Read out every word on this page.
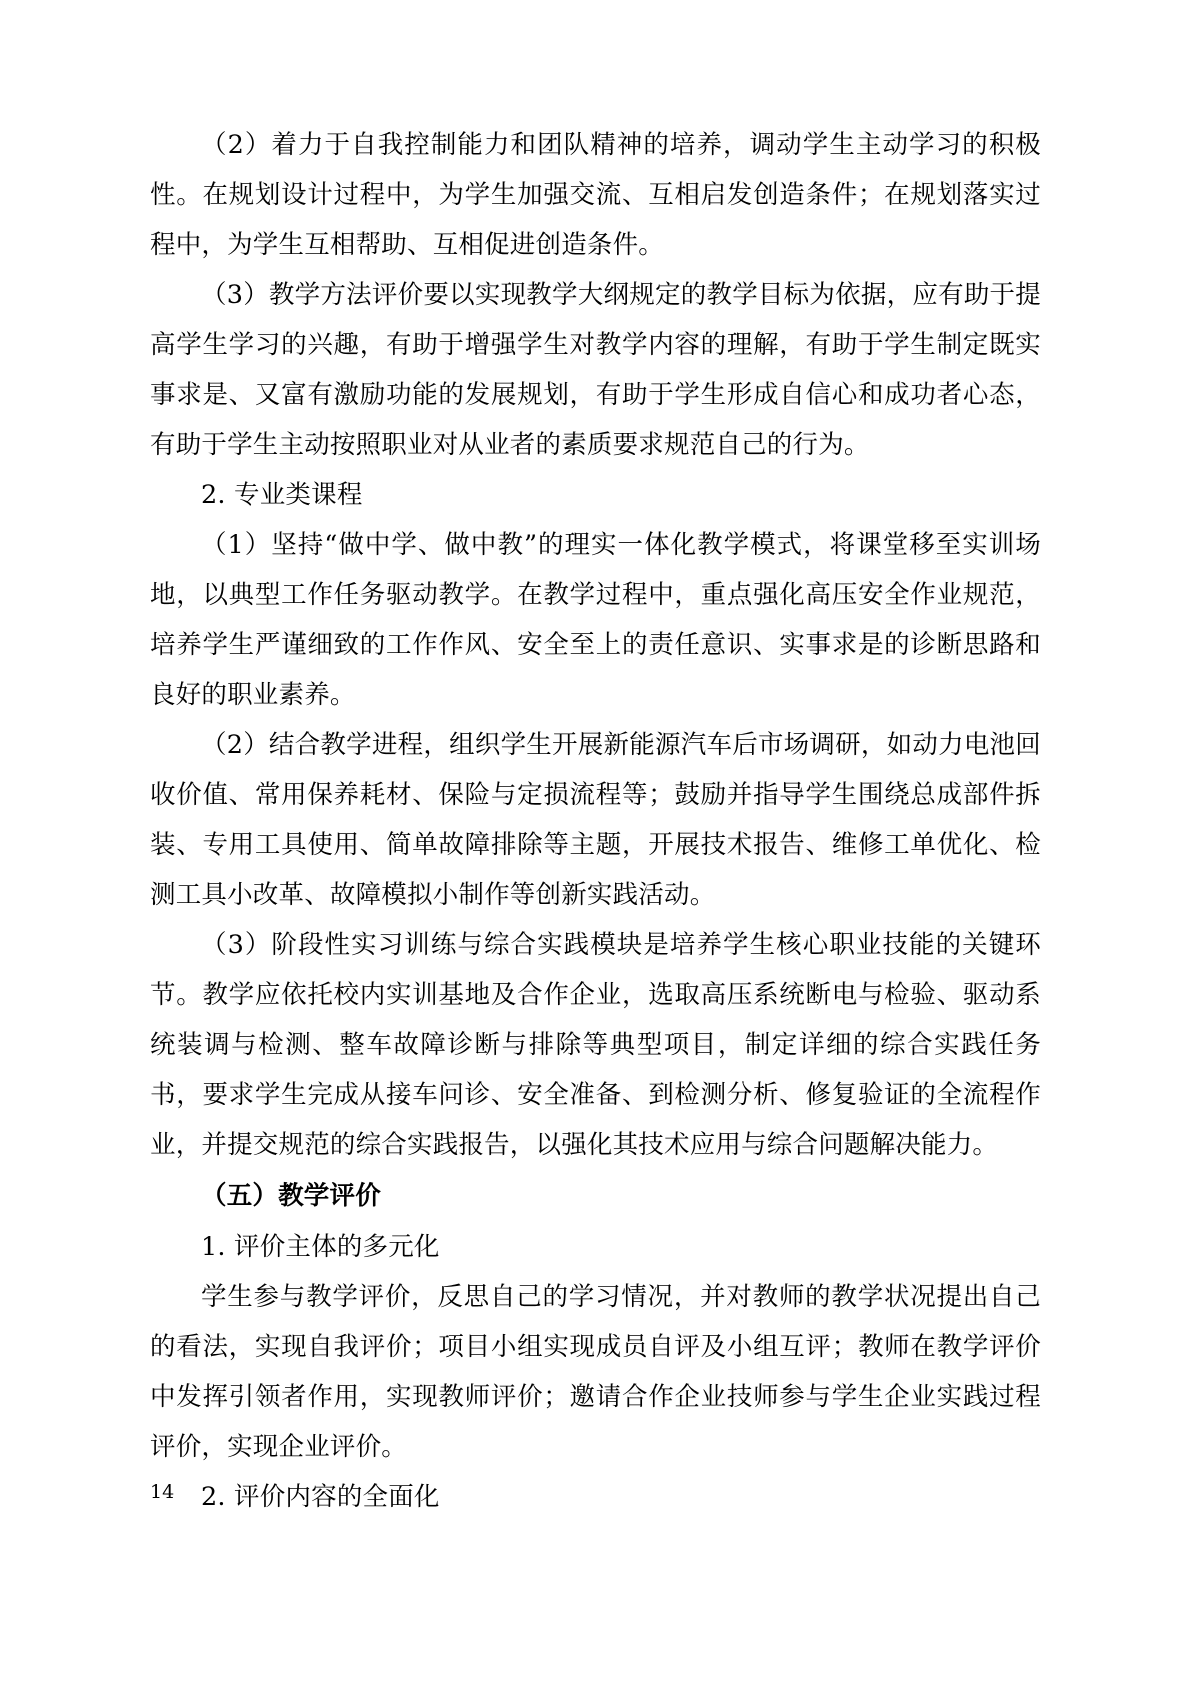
（2）着力于自我控制能力和团队精神的培养，调动学生主动学习的积极性。在规划设计过程中，为学生加强交流、互相启发创造条件；在规划落实过程中，为学生互相帮助、互相促进创造条件。

（3）教学方法评价要以实现教学大纲规定的教学目标为依据，应有助于提高学生学习的兴趣，有助于增强学生对教学内容的理解，有助于学生制定既实事求是、又富有激励功能的发展规划，有助于学生形成自信心和成功者心态，有助于学生主动按照职业对从业者的素质要求规范自己的行为。

2. 专业类课程

（1）坚持“做中学、做中教”的理实一体化教学模式，将课堂移至实训场地，以典型工作任务驱动教学。在教学过程中，重点强化高压安全作业规范，培养学生严谨细致的工作作风、安全至上的责任意识、实事求是的诊断思路和良好的职业素养。

（2）结合教学进程，组织学生开展新能源汽车后市场调研，如动力电池回收价值、常用保养耗材、保险与定损流程等；鼓励并指导学生围绕总成部件拆装、专用工具使用、简单故障排除等主题，开展技术报告、维修工单优化、检测工具小改革、故障模拟小制作等创新实践活动。

（3）阶段性实习训练与综合实践模块是培养学生核心职业技能的关键环节。教学应依托校内实训基地及合作企业，选取高压系统断电与检验、驱动系统装调与检测、整车故障诊断与排除等典型项目，制定详细的综合实践任务书，要求学生完成从接车问诊、安全准备、到检测分析、修复验证的全流程作业，并提交规范的综合实践报告，以强化其技术应用与综合问题解决能力。

（五）教学评价

1. 评价主体的多元化

学生参与教学评价，反思自己的学习情况，并对教师的教学状况提出自己的看法，实现自我评价；项目小组实现成员自评及小组互评；教师在教学评价中发挥引领者作用，实现教师评价；邀请合作企业技师参与学生企业实践过程评价，实现企业评价。

2. 评价内容的全面化

14
